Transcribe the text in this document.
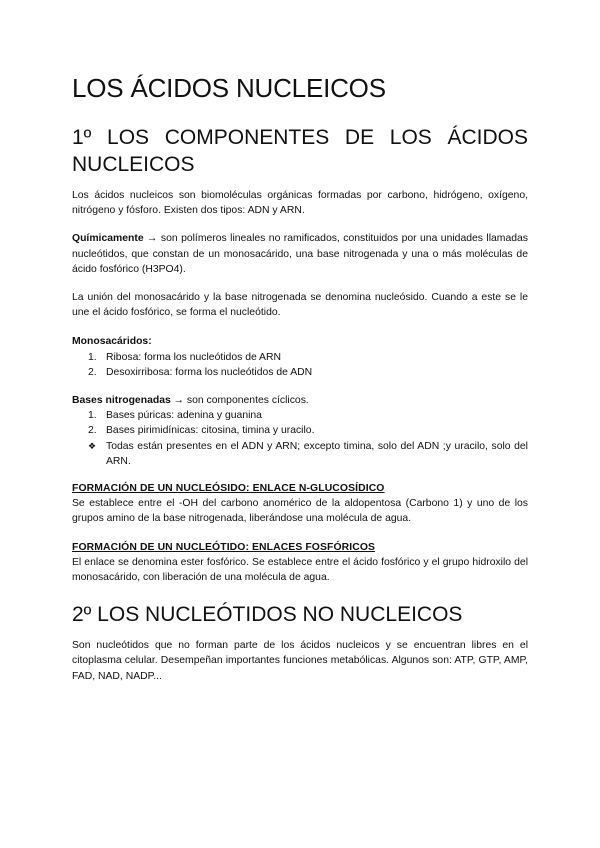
LOS ÁCIDOS NUCLEICOS
1º LOS COMPONENTES DE LOS ÁCIDOS
NUCLEICOS

Los ácidos nucleicos son biomoléculas orgánicas formadas por carbono, hidrógeno, oxígeno, nitrógeno y fósforo. Existen dos tipos: ADN y ARN.

Químicamente → son polímeros lineales no ramificados, constituidos por una unidades llamadas nucleótidos, que constan de un monosacárido, una base nitrogenada y una o más moléculas de ácido fosfórico (H3PO4).

La unión del monosacárido y la base nitrogenada se denomina nucleósido. Cuando a este se le une el ácido fosfórico, se forma el nucleótido.

Monosacáridos:
1. Ribosa: forma los nucleótidos de ARN
2. Desoxirribosa: forma los nucleótidos de ADN
Bases nitrogenadas → son componentes cíclicos.
1. Bases púricas: adenina y guanina
2. Bases pirimidínicas: citosina, timina y uracilo.
❖ Todas están presentes en el ADN y ARN; excepto timina, solo del ADN ;y uracilo, solo del ARN.
FORMACIÓN DE UN NUCLEÓSIDO: ENLACE N-GLUCOSÍDICO

Se establece entre el -OH del carbono anomérico de la aldopentosa (Carbono 1) y uno de los grupos amino de la base nitrogenada, liberándose una molécula de agua.

FORMACIÓN DE UN NUCLEÓTIDO: ENLACES FOSFÓRICOS

El enlace se denomina ester fosfórico. Se establece entre el ácido fosfórico y el grupo hidroxilo del monosacárido, con liberación de una molécula de agua.

2º LOS NUCLEÓTIDOS NO NUCLEICOS

Son nucleótidos que no forman parte de los ácidos nucleicos y se encuentran libres en el citoplasma celular. Desempeñan importantes funciones metabólicas. Algunos son: ATP, GTP, AMP, FAD, NAD, NADP...
